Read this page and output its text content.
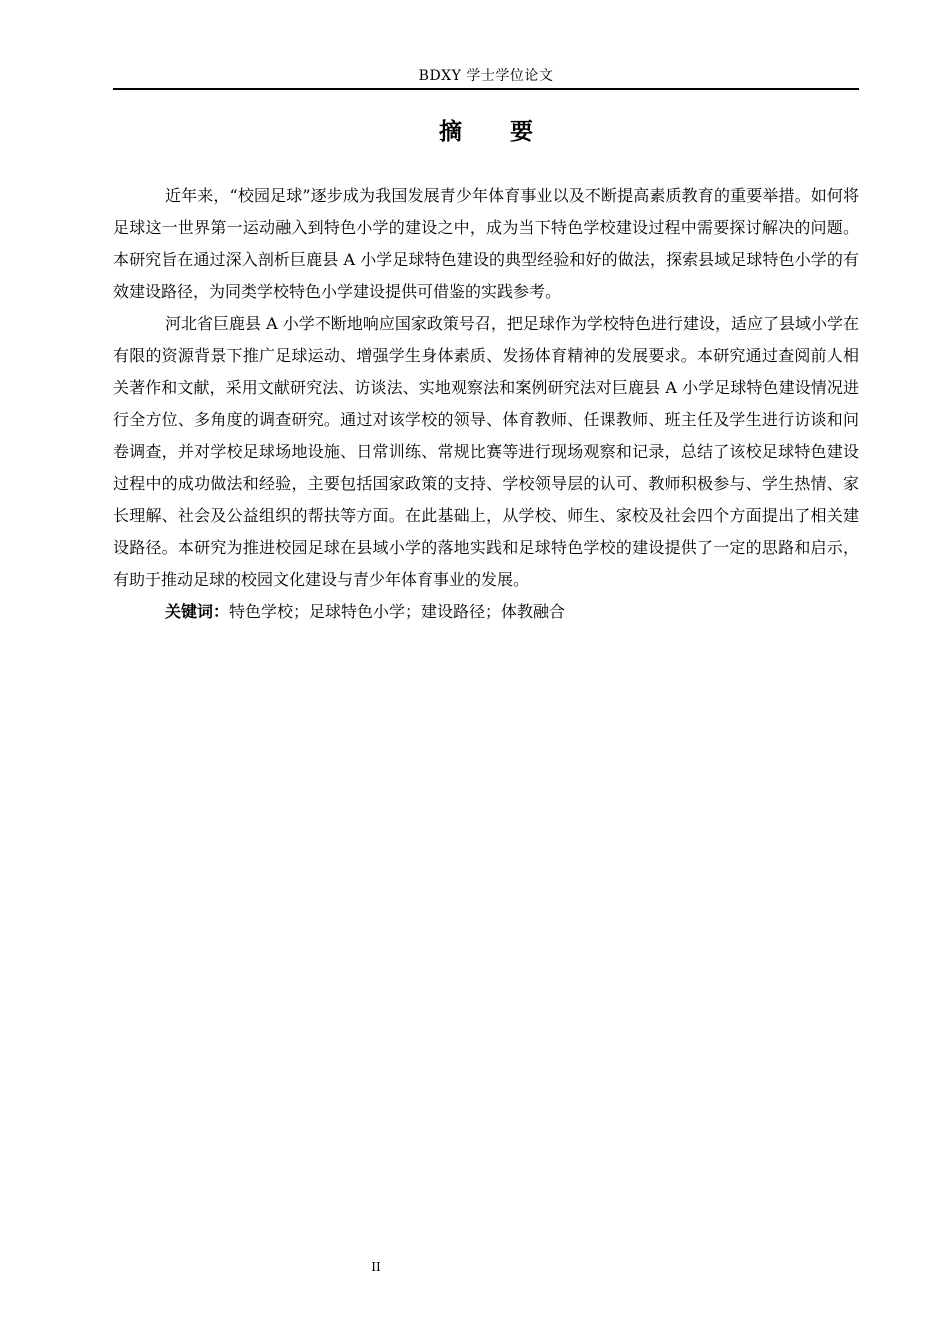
BDXY 学士学位论文
摘要

近年来，“校园足球”逐步成为我国发展青少年体育事业以及不断提高素质教育的重要举措。如何将足球这一世界第一运动融入到特色小学的建设之中，成为当下特色学校建设过程中需要探讨解决的问题。本研究旨在通过深入剖析巨鹿县 A 小学足球特色建设的典型经验和好的做法，探索县域足球特色小学的有效建设路径，为同类学校特色小学建设提供可借鉴的实践参考。

河北省巨鹿县 A 小学不断地响应国家政策号召，把足球作为学校特色进行建设，适应了县域小学在有限的资源背景下推广足球运动、增强学生身体素质、发扬体育精神的发展要求。本研究通过查阅前人相关著作和文献，采用文献研究法、访谈法、实地观察法和案例研究法对巨鹿县 A 小学足球特色建设情况进行全方位、多角度的调查研究。通过对该学校的领导、体育教师、任课教师、班主任及学生进行访谈和问卷调查，并对学校足球场地设施、日常训练、常规比赛等进行现场观察和记录，总结了该校足球特色建设过程中的成功做法和经验，主要包括国家政策的支持、学校领导层的认可、教师积极参与、学生热情、家长理解、社会及公益组织的帮扶等方面。在此基础上，从学校、师生、家校及社会四个方面提出了相关建设路径。本研究为推进校园足球在县域小学的落地实践和足球特色学校的建设提供了一定的思路和启示，有助于推动足球的校园文化建设与青少年体育事业的发展。

关键词：特色学校；足球特色小学；建设路径；体教融合

II
